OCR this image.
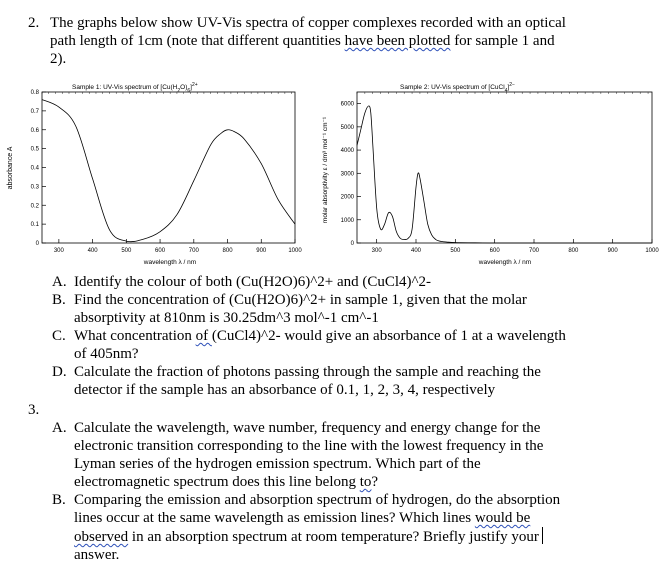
2. The graphs below show UV-Vis spectra of copper complexes recorded with an optical
path length of 1cm (note that different quantities have been plotted for sample 1 and
2).
Sample 1: UV-Vis spectrum of $[Cu(H_2O)_6]^{2+}$
0
0.1
0.2
0.3
0.4
0.5
0.6
0.7
0.8
300	400	500	600	700	800	900	1000
wavelength λ / nm
absorbance A
Sample 2: UV-Vis spectrum of [CuCl$_4$]$^{2-}$
0
1000
2000
3000
4000
5000
6000
300	400	500	600	700	800	900	1000
wavelength λ / nm
molar absorptivity ε / dm³ mol⁻¹ cm⁻¹
A. Identify the colour of both (Cu(H2O)6)^2+ and (CuCl4)^2-
B. Find the concentration of (Cu(H2O)6)^2+ in sample 1, given that the molar
absorptivity at 810nm is 30.25dm^3 mol^-1 cm^-1
C. What concentration of (CuCl4)^2- would give an absorbance of 1 at a wavelength
of 405nm?
D. Calculate the fraction of photons passing through the sample and reaching the
detector if the sample has an absorbance of 0.1, 1, 2, 3, 4, respectively
3.
A. Calculate the wavelength, wave number, frequency and energy change for the
electronic transition corresponding to the line with the lowest frequency in the
Lyman series of the hydrogen emission spectrum. Which part of the
electromagnetic spectrum does this line belong to?
B. Comparing the emission and absorption spectrum of hydrogen, do the absorption
lines occur at the same wavelength as emission lines? Which lines would be
observed in an absorption spectrum at room temperature? Briefly justify your
answer.
